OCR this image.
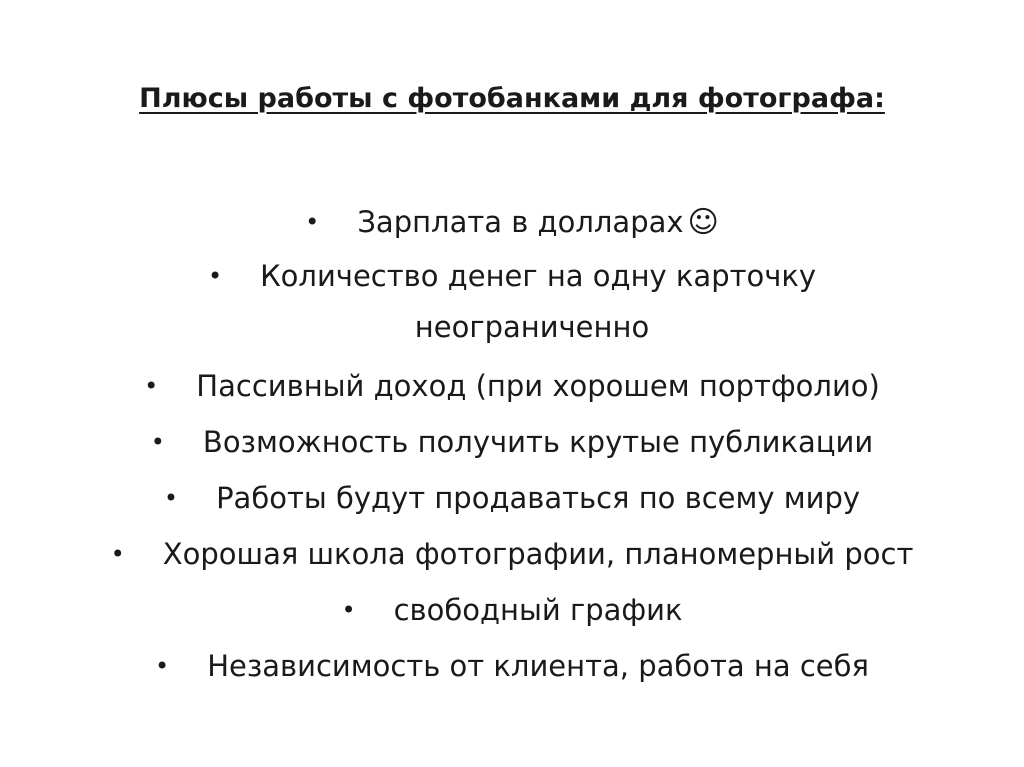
Плюсы работы с фотобанками для фотографа:
• Зарплата в долларах ☺
• Количество денег на одну карточку
неограниченно
• Пассивный доход (при хорошем портфолио)
• Возможность получить крутые публикации
• Работы будут продаваться по всему миру
• Хорошая школа фотографии, планомерный рост
• свободный график
• Независимость от клиента, работа на себя
